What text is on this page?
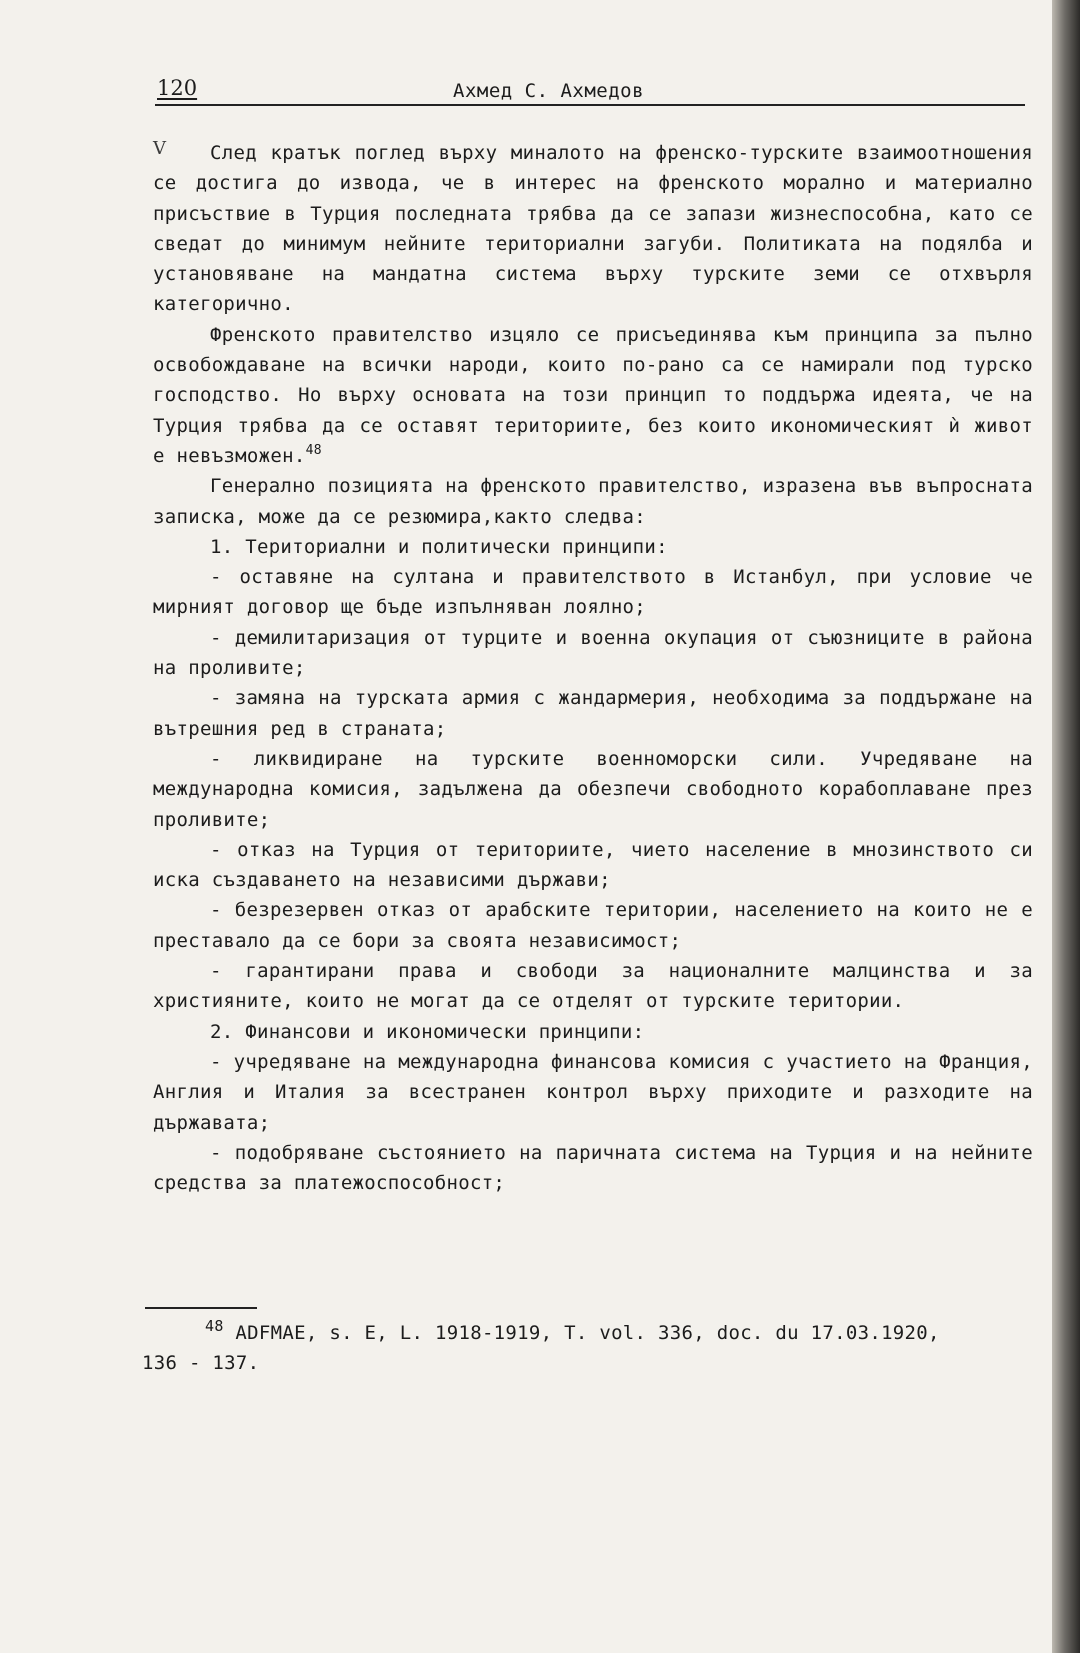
120	Ахмед С. Ахмедов
V	След кратък поглед върху миналото на френско-турските взаимоотношения се достига до извода, че в интерес на френското морално и материално присъствие в Турция последната трябва да се запази жизнеспособна, като се сведат до минимум нейните териториални загуби. Политиката на подялба и установяване на мандатна система върху турските земи се отхвърля категорично.

Френското правителство изцяло се присъединява към принципа за пълно освобождаване на всички народи, които по-рано са се намирали под турско господство. Но върху основата на този принцип то поддържа идеята, че на Турция трябва да се оставят териториите, без които икономическият ѝ живот е невъзможен.$^{48}$

Генерално позицията на френското правителство, изразена във въпросната записка, може да се резюмира,както следва:

1. Териториални и политически принципи:

- оставяне на султана и правителството в Истанбул, при условие че мирният договор ще бъде изпълняван лоялно;

- демилитаризация от турците и военна окупация от съюзниците в района на проливите;

- замяна на турската армия с жандармерия, необходима за поддържане на вътрешния ред в страната;

- ликвидиране на турските военноморски сили. Учредяване на международна комисия, задължена да обезпечи свободното корабоплаване през проливите;

- отказ на Турция от териториите, чието население в мнозинството си иска създаването на независими държави;

- безрезервен отказ от арабските територии, населението на които не е преставало да се бори за своята независимост;

- гарантирани права и свободи за националните малцинства и за християните, които не могат да се отделят от турските територии.

2. Финансови и икономически принципи:

- учредяване на международна финансова комисия с участието на Франция, Англия и Италия за всестранен контрол върху приходите и разходите на държавата;

- подобряване състоянието на паричната система на Турция и на нейните средства за платежоспособност;

$^{48}$ ADFMAE, s. E, L. 1918-1919, T. vol. 336, doc. du 17.03.1920, 136 - 137.
